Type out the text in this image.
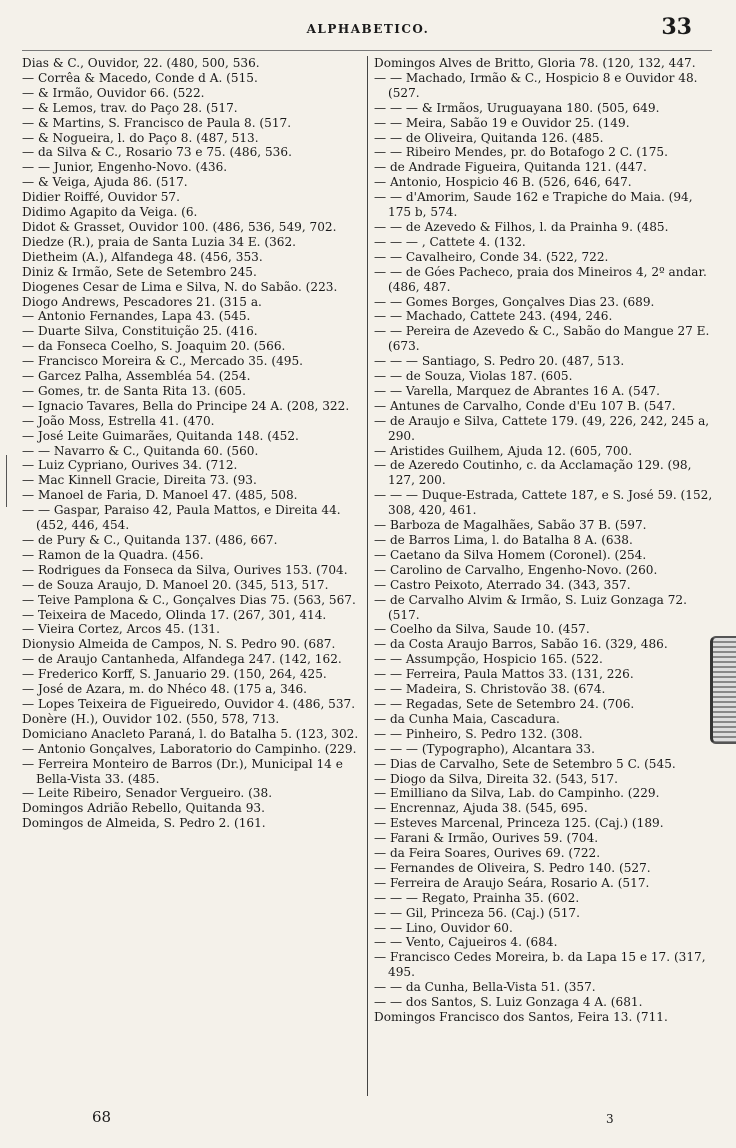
ALPHABETICO.	33
Dias & C., Ouvidor, 22. (480, 500, 536.
— Corrêa & Macedo, Conde d A. (515.
— & Irmão, Ouvidor 66. (522.
— & Lemos, trav. do Paço 28. (517.
— & Martins, S. Francisco de Paula 8. (517.
— & Nogueira, l. do Paço 8. (487, 513.
— da Silva & C., Rosario 73 e 75. (486, 536.
— — Junior, Engenho-Novo. (436.
— & Veiga, Ajuda 86. (517.
Didier Roiffé, Ouvidor 57.
Didimo Agapito da Veiga. (6.
Didot & Grasset, Ouvidor 100. (486, 536, 549, 702.
Diedze (R.), praia de Santa Luzia 34 E. (362.
Dietheim (A.), Alfandega 48. (456, 353.
Diniz & Irmão, Sete de Setembro 245.
Diogenes Cesar de Lima e Silva, N. do Sabão. (223.
Diogo Andrews, Pescadores 21. (315 a.
— Antonio Fernandes, Lapa 43. (545.
— Duarte Silva, Constituição 25. (416.
— da Fonseca Coelho, S. Joaquim 20. (566.
— Francisco Moreira & C., Mercado 35. (495.
— Garcez Palha, Assembléa 54. (254.
— Gomes, tr. de Santa Rita 13. (605.
— Ignacio Tavares, Bella do Principe 24 A. (208, 322.
— João Moss, Estrella 41. (470.
— José Leite Guimarães, Quitanda 148. (452.
— — Navarro & C., Quitanda 60. (560.
— Luiz Cypriano, Ourives 34. (712.
— Mac Kinnell Gracie, Direita 73. (93.
— Manoel de Faria, D. Manoel 47. (485, 508.
— — Gaspar, Paraiso 42, Paula Mattos, e Direita 44. (452, 446, 454.
— de Pury & C., Quitanda 137. (486, 667.
— Ramon de la Quadra. (456.
— Rodrigues da Fonseca da Silva, Ourives 153. (704.
— de Souza Araujo, D. Manoel 20. (345, 513, 517.
— Teive Pamplona & C., Gonçalves Dias 75. (563, 567.
— Teixeira de Macedo, Olinda 17. (267, 301, 414.
— Vieira Cortez, Arcos 45. (131.
Dionysio Almeida de Campos, N. S. Pedro 90. (687.
— de Araujo Cantanheda, Alfandega 247. (142, 162.
— Frederico Korff, S. Januario 29. (150, 264, 425.
— José de Azara, m. do Nhéco 48. (175 a, 346.
— Lopes Teixeira de Figueiredo, Ouvidor 4. (486, 537.
Donère (H.), Ouvidor 102. (550, 578, 713.
Domiciano Anacleto Paraná, l. do Batalha 5. (123, 302.
— Antonio Gonçalves, Laboratorio do Campinho. (229.
— Ferreira Monteiro de Barros (Dr.), Municipal 14 e Bella-Vista 33. (485.
— Leite Ribeiro, Senador Vergueiro. (38.
Domingos Adrião Rebello, Quitanda 93.
Domingos de Almeida, S. Pedro 2. (161.
Domingos Alves de Britto, Gloria 78. (120, 132, 447.
— — Machado, Irmão & C., Hospicio 8 e Ouvidor 48. (527.
— — — & Irmãos, Uruguayana 180. (505, 649.
— — Meira, Sabão 19 e Ouvidor 25. (149.
— — de Oliveira, Quitanda 126. (485.
— — Ribeiro Mendes, pr. do Botafogo 2 C. (175.
— de Andrade Figueira, Quitanda 121. (447.
— Antonio, Hospicio 46 B. (526, 646, 647.
— — d'Amorim, Saude 162 e Trapiche do Maia. (94, 175 b, 574.
— — de Azevedo & Filhos, l. da Prainha 9. (485.
— — — , Cattete 4. (132.
— — Cavalheiro, Conde 34. (522, 722.
— — de Góes Pacheco, praia dos Mineiros 4, 2º andar. (486, 487.
— — Gomes Borges, Gonçalves Dias 23. (689.
— — Machado, Cattete 243. (494, 246.
— — Pereira de Azevedo & C., Sabão do Mangue 27 E. (673.
— — — Santiago, S. Pedro 20. (487, 513.
— — de Souza, Violas 187. (605.
— — Varella, Marquez de Abrantes 16 A. (547.
— Antunes de Carvalho, Conde d'Eu 107 B. (547.
— de Araujo e Silva, Cattete 179. (49, 226, 242, 245 a, 290.
— Aristides Guilhem, Ajuda 12. (605, 700.
— de Azeredo Coutinho, c. da Acclamação 129. (98, 127, 200.
— — — Duque-Estrada, Cattete 187, e S. José 59. (152, 308, 420, 461.
— Barboza de Magalhães, Sabão 37 B. (597.
— de Barros Lima, l. do Batalha 8 A. (638.
— Caetano da Silva Homem (Coronel). (254.
— Carolino de Carvalho, Engenho-Novo. (260.
— Castro Peixoto, Aterrado 34. (343, 357.
— de Carvalho Alvim & Irmão, S. Luiz Gonzaga 72. (517.
— Coelho da Silva, Saude 10. (457.
— da Costa Araujo Barros, Sabão 16. (329, 486.
— — Assumpção, Hospicio 165. (522.
— — Ferreira, Paula Mattos 33. (131, 226.
— — Madeira, S. Christovão 38. (674.
— — Regadas, Sete de Setembro 24. (706.
— da Cunha Maia, Cascadura.
— — Pinheiro, S. Pedro 132. (308.
— — — (Typographo), Alcantara 33.
— Dias de Carvalho, Sete de Setembro 5 C. (545.
— Diogo da Silva, Direita 32. (543, 517.
— Emilliano da Silva, Lab. do Campinho. (229.
— Encrennaz, Ajuda 38. (545, 695.
— Esteves Marcenal, Princeza 125. (Caj.) (189.
— Farani & Irmão, Ourives 59. (704.
— da Feira Soares, Ourives 69. (722.
— Fernandes de Oliveira, S. Pedro 140. (527.
— Ferreira de Araujo Seára, Rosario A. (517.
— — — Regato, Prainha 35. (602.
— — Gil, Princeza 56. (Caj.) (517.
— — Lino, Ouvidor 60.
— — Vento, Cajueiros 4. (684.
— Francisco Cedes Moreira, b. da Lapa 15 e 17. (317, 495.
— — da Cunha, Bella-Vista 51. (357.
— — dos Santos, S. Luiz Gonzaga 4 A. (681.
Domingos Francisco dos Santos, Feira 13. (711.
68	3
